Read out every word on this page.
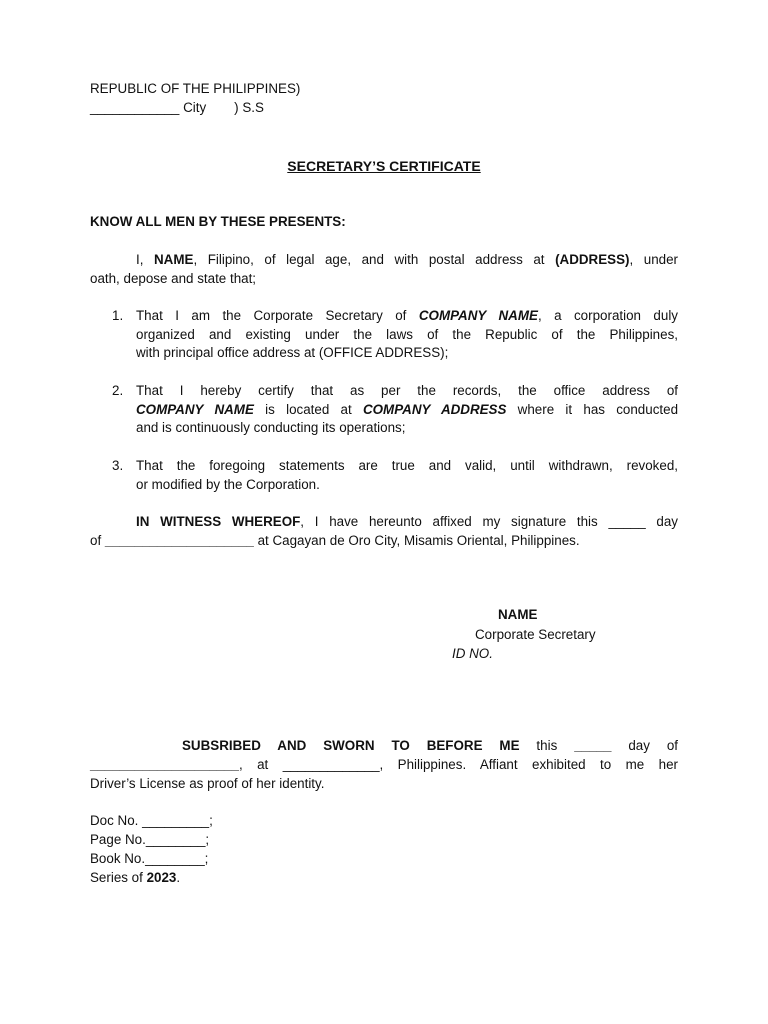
REPUBLIC OF THE PHILIPPINES)
____________ City ) S.S
SECRETARY’S CERTIFICATE
KNOW ALL MEN BY THESE PRESENTS:
I, NAME, Filipino, of legal age, and with postal address at (ADDRESS), under
oath, depose and state that;
1. That I am the Corporate Secretary of COMPANY NAME, a corporation duly
organized and existing under the laws of the Republic of the Philippines,
with principal office address at (OFFICE ADDRESS);
2. That I hereby certify that as per the records, the office address of
COMPANY NAME is located at COMPANY ADDRESS where it has conducted
and is continuously conducting its operations;
3. That the foregoing statements are true and valid, until withdrawn, revoked,
or modified by the Corporation.
IN WITNESS WHEREOF, I have hereunto affixed my signature this _____ day
of ____________________ at Cagayan de Oro City, Misamis Oriental, Philippines.
NAME
Corporate Secretary
ID NO.
SUBSRIBED AND SWORN TO BEFORE ME this _____ day of
____________________, at _____________, Philippines. Affiant exhibited to me her
Driver’s License as proof of her identity.
Doc No. _________;
Page No.________;
Book No.________;
Series of 2023.
